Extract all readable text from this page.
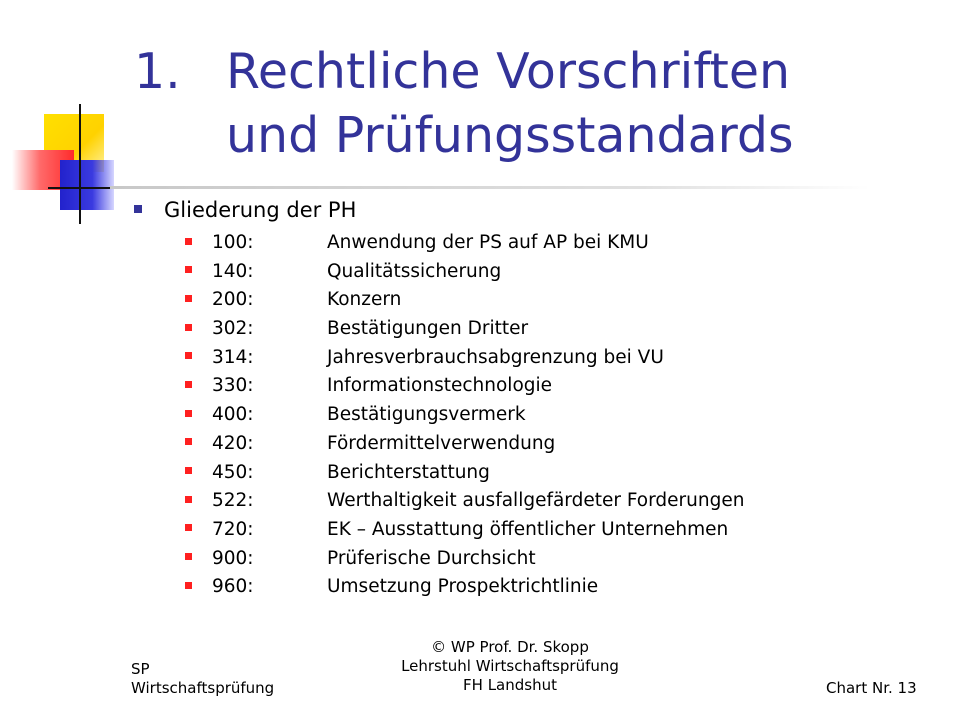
1. Rechtliche Vorschriften
und Prüfungsstandards
Gliederung der PH
100:	Anwendung der PS auf AP bei KMU
140:	Qualitätssicherung
200:	Konzern
302:	Bestätigungen Dritter
314:	Jahresverbrauchsabgrenzung bei VU
330:	Informationstechnologie
400:	Bestätigungsvermerk
420:	Fördermittelverwendung
450:	Berichterstattung
522:	Werthaltigkeit ausfallgefärdeter Forderungen
720:	EK – Ausstattung öffentlicher Unternehmen
900:	Prüferische Durchsicht
960:	Umsetzung Prospektrichtlinie
SP
Wirtschaftsprüfung
© WP Prof. Dr. Skopp
Lehrstuhl Wirtschaftsprüfung
FH Landshut	Chart Nr. 13
